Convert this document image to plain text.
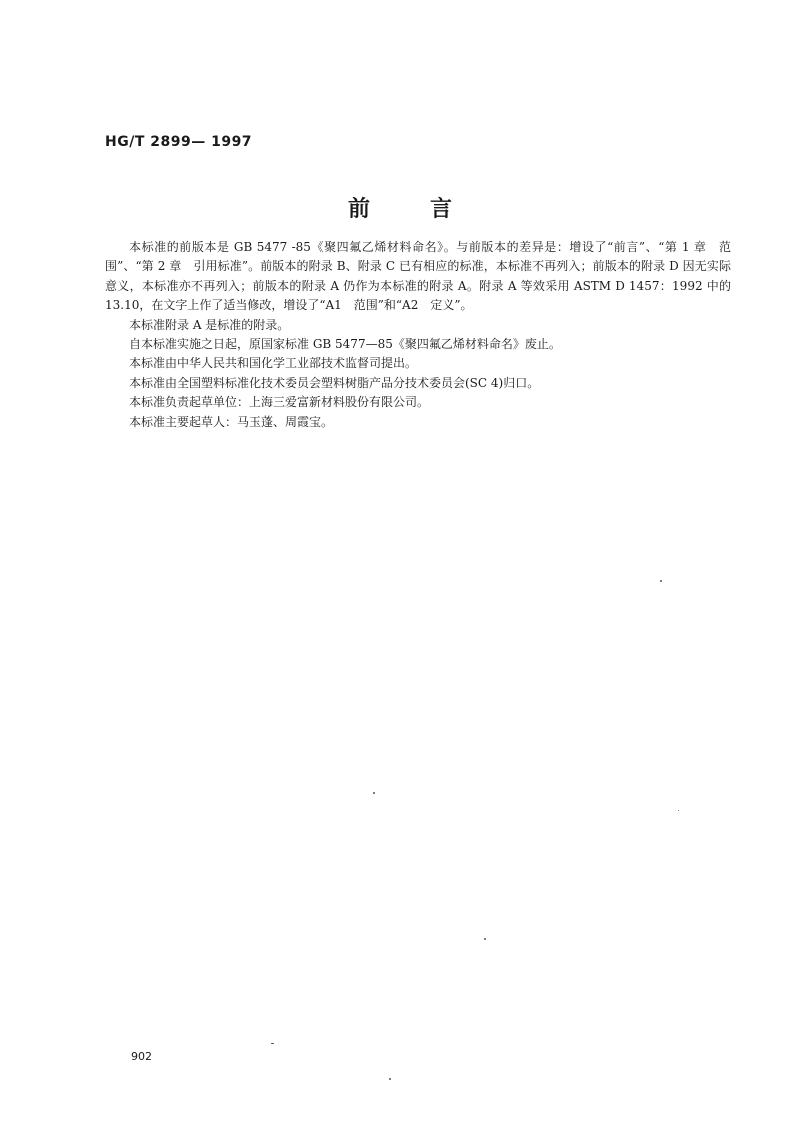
HG/T 2899— 1997
前	言

本标准的前版本是 GB 5477 -85《聚四氟乙烯材料命名》。与前版本的差异是：增设了“前言”、“第 1 章　范围”、“第 2 章　引用标准”。前版本的附录 B、附录 C 已有相应的标准，本标准不再列入；前版本的附录 D 因无实际意义，本标准亦不再列入；前版本的附录 A 仍作为本标准的附录 A。附录 A 等效采用 ASTM D 1457：1992 中的 13.10，在文字上作了适当修改，增设了“A1　范围”和“A2　定义”。

本标准附录 A 是标准的附录。

自本标准实施之日起，原国家标准 GB 5477—85《聚四氟乙烯材料命名》废止。

本标准由中华人民共和国化学工业部技术监督司提出。

本标准由全国塑料标准化技术委员会塑料树脂产品分技术委员会(SC 4)归口。

本标准负责起草单位：上海三爱富新材料股份有限公司。

本标准主要起草人：马玉蓬、周霞宝。

902
